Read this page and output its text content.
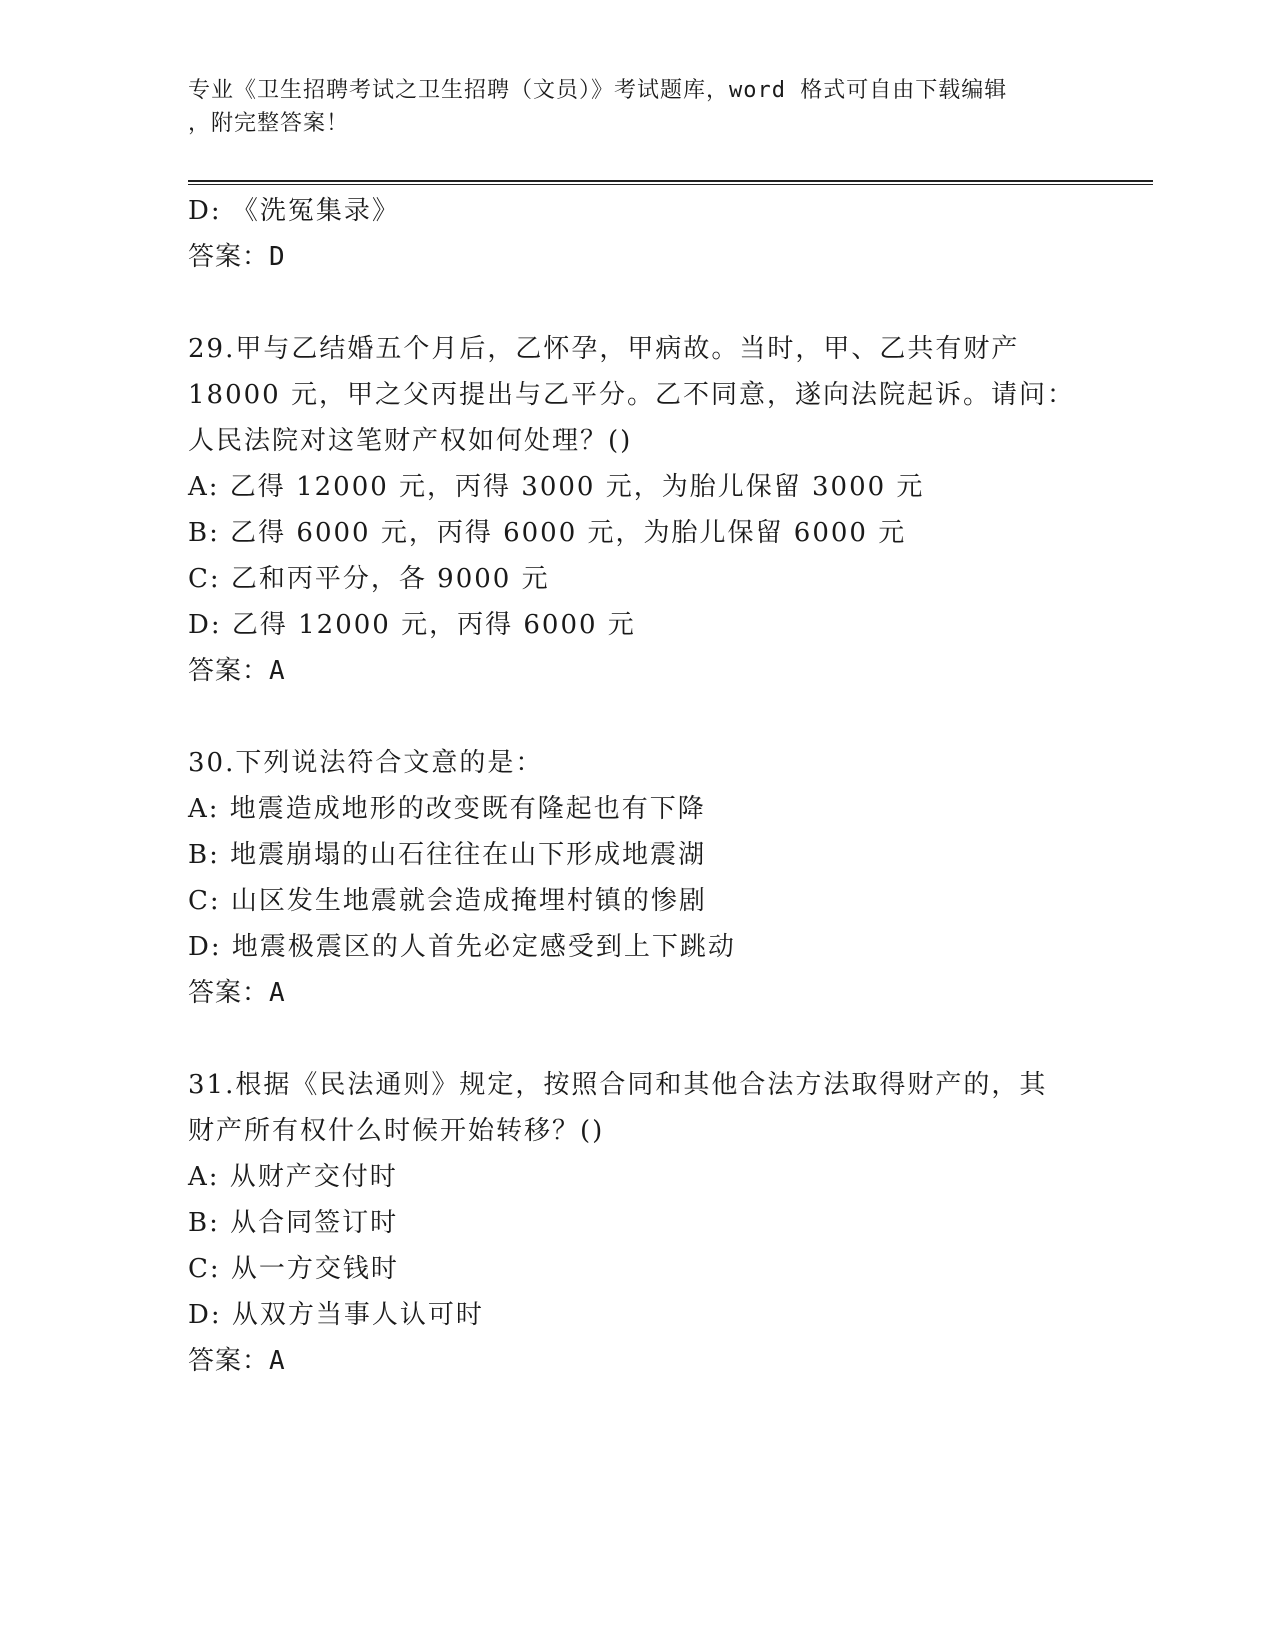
专业《卫生招聘考试之卫生招聘（文员）》考试题库，word 格式可自由下载编辑
，附完整答案！
D: 《洗冤集录》
答案：D
29.甲与乙结婚五个月后，乙怀孕，甲病故。当时，甲、乙共有财产
18000 元，甲之父丙提出与乙平分。乙不同意，遂向法院起诉。请问：
人民法院对这笔财产权如何处理？()
A: 乙得 12000 元，丙得 3000 元，为胎儿保留 3000 元
B: 乙得 6000 元，丙得 6000 元，为胎儿保留 6000 元
C: 乙和丙平分，各 9000 元
D: 乙得 12000 元，丙得 6000 元
答案：A
30.下列说法符合文意的是：
A: 地震造成地形的改变既有隆起也有下降
B: 地震崩塌的山石往往在山下形成地震湖
C: 山区发生地震就会造成掩埋村镇的惨剧
D: 地震极震区的人首先必定感受到上下跳动
答案：A
31.根据《民法通则》规定，按照合同和其他合法方法取得财产的，其
财产所有权什么时候开始转移？()
A: 从财产交付时
B: 从合同签订时
C: 从一方交钱时
D: 从双方当事人认可时
答案：A
